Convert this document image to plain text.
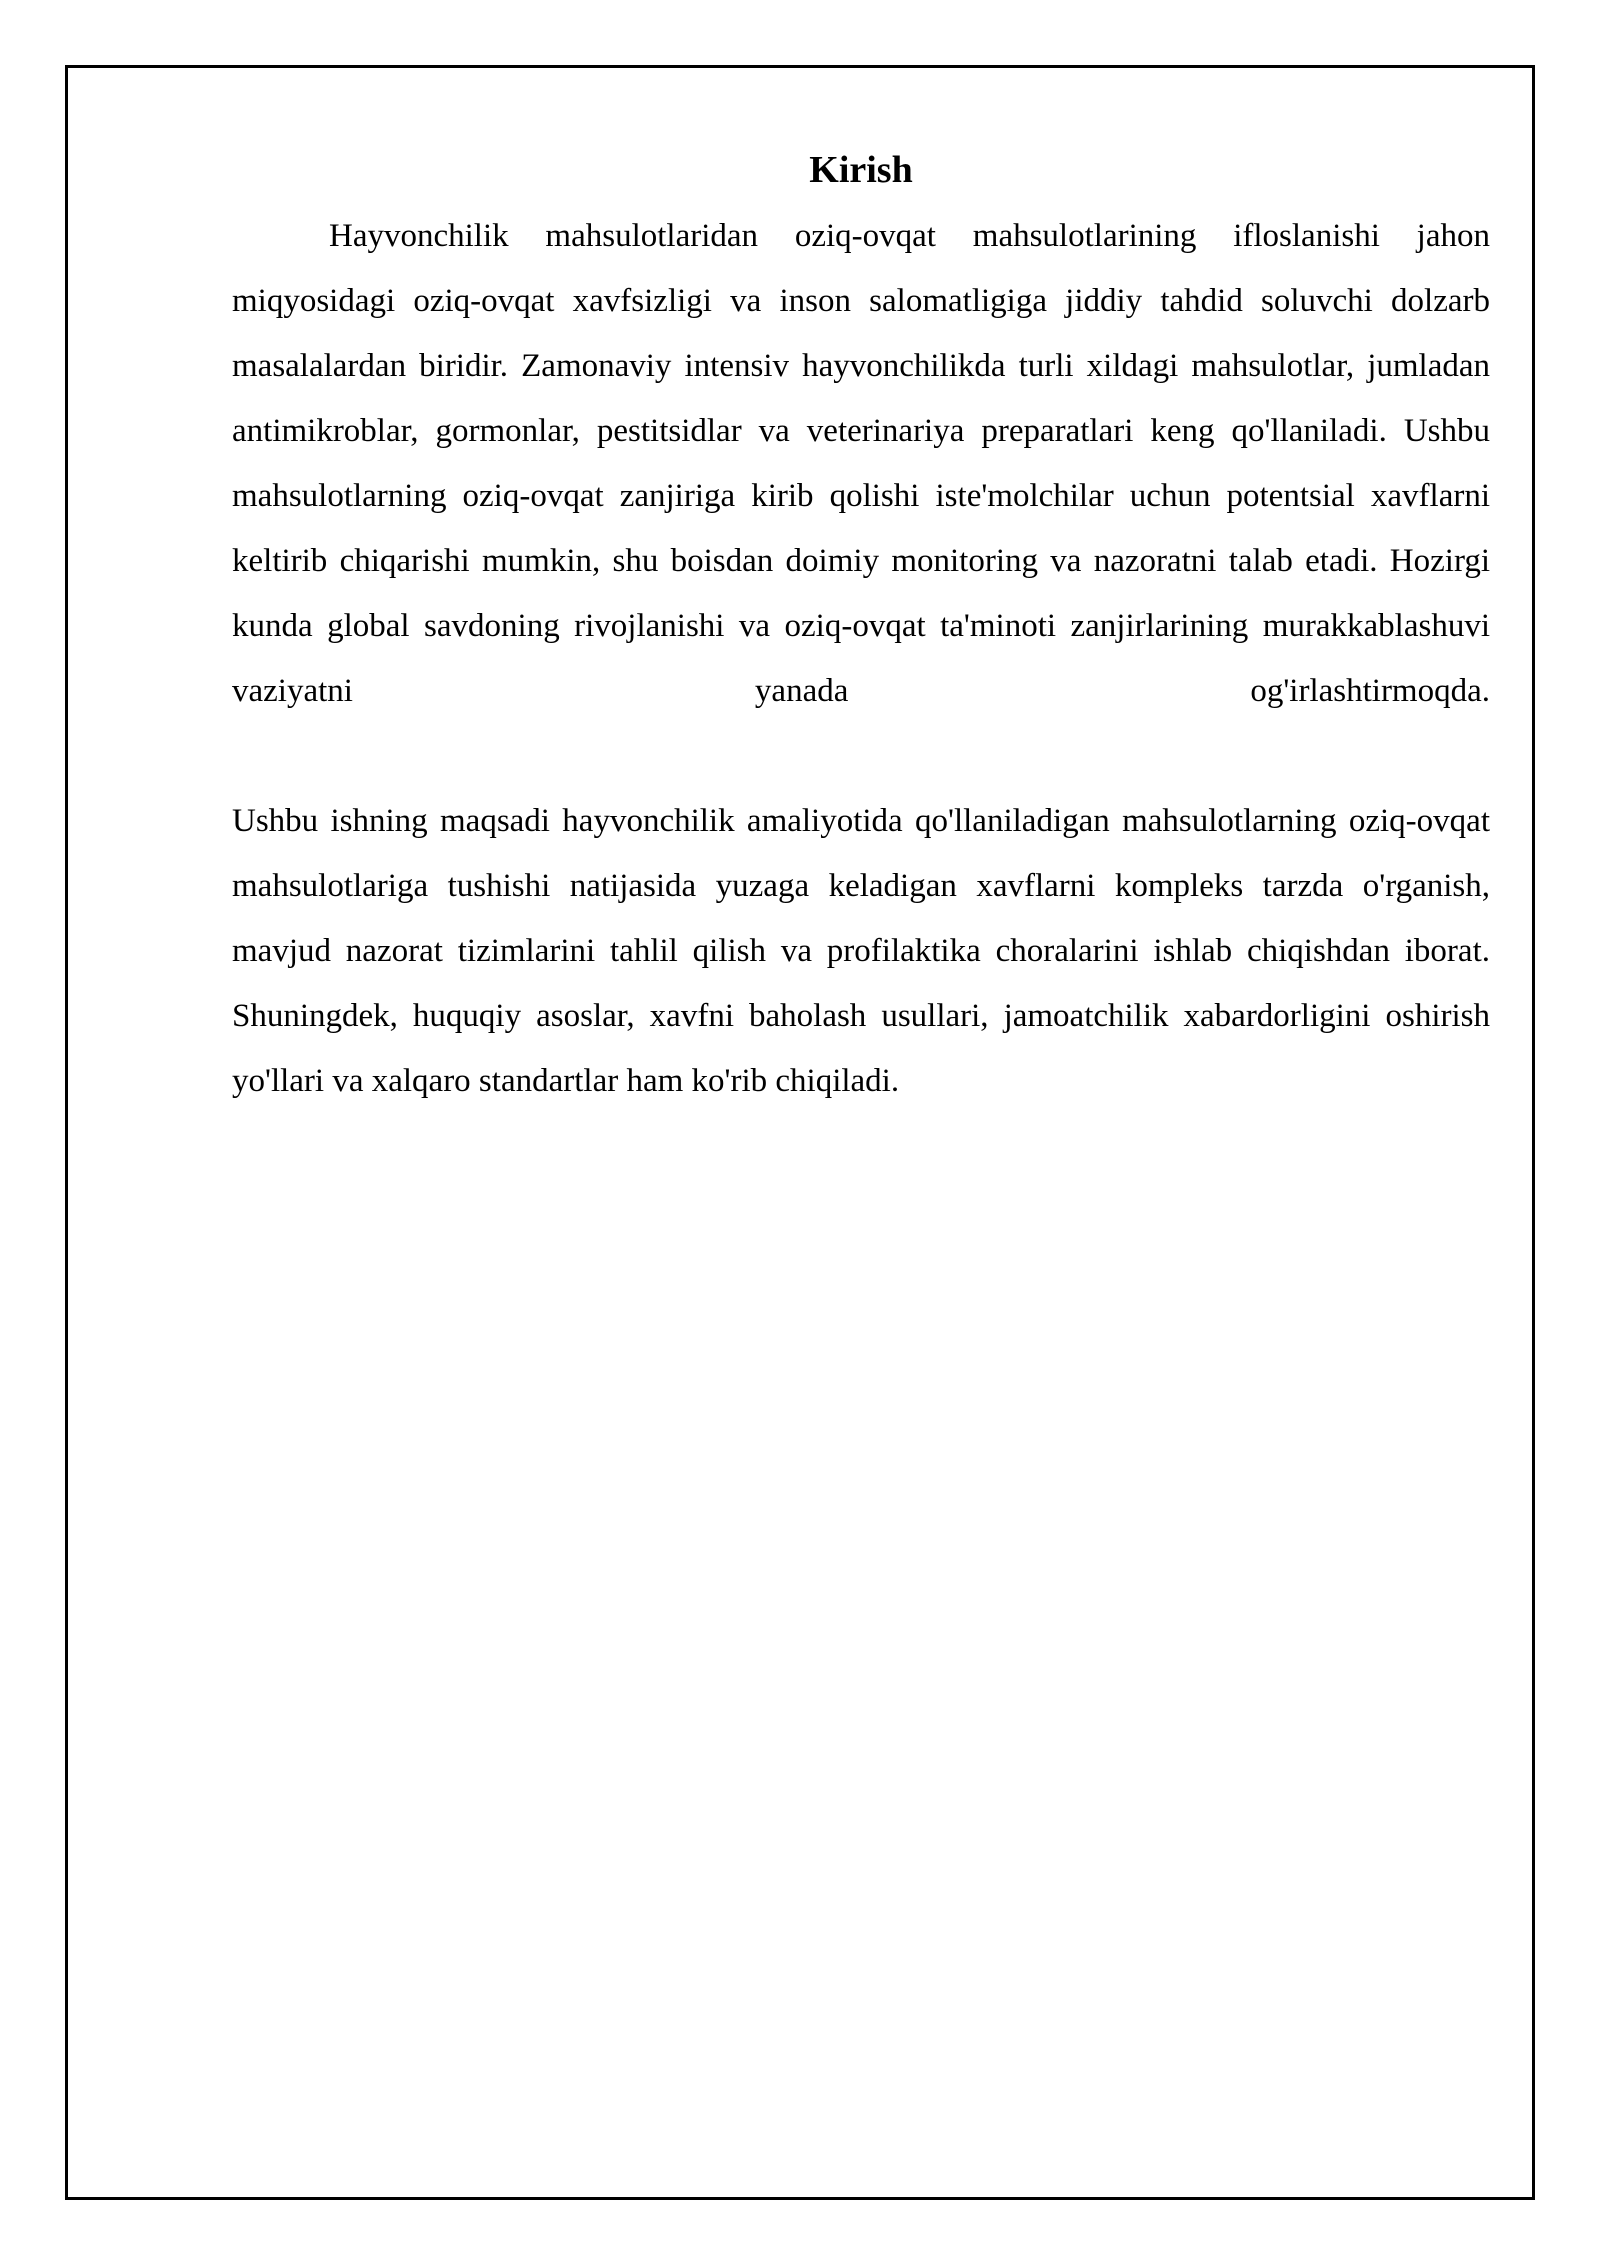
Kirish

Hayvonchilik mahsulotlaridan oziq-ovqat mahsulotlarining ifloslanishi jahon miqyosidagi oziq-ovqat xavfsizligi va inson salomatligiga jiddiy tahdid soluvchi dolzarb masalalardan biridir. Zamonaviy intensiv hayvonchilikda turli xildagi mahsulotlar, jumladan antimikroblar, gormonlar, pestitsidlar va veterinariya preparatlari keng qo'llaniladi. Ushbu mahsulotlarning oziq-ovqat zanjiriga kirib qolishi iste'molchilar uchun potentsial xavflarni keltirib chiqarishi mumkin, shu boisdan doimiy monitoring va nazoratni talab etadi. Hozirgi kunda global savdoning rivojlanishi va oziq-ovqat ta'minoti zanjirlarining murakkablashuvi vaziyatni yanada og'irlashtirmoqda.

Ushbu ishning maqsadi hayvonchilik amaliyotida qo'llaniladigan mahsulotlarning oziq-ovqat mahsulotlariga tushishi natijasida yuzaga keladigan xavflarni kompleks tarzda o'rganish, mavjud nazorat tizimlarini tahlil qilish va profilaktika choralarini ishlab chiqishdan iborat. Shuningdek, huquqiy asoslar, xavfni baholash usullari, jamoatchilik xabardorligini oshirish yo'llari va xalqaro standartlar ham ko'rib chiqiladi.
